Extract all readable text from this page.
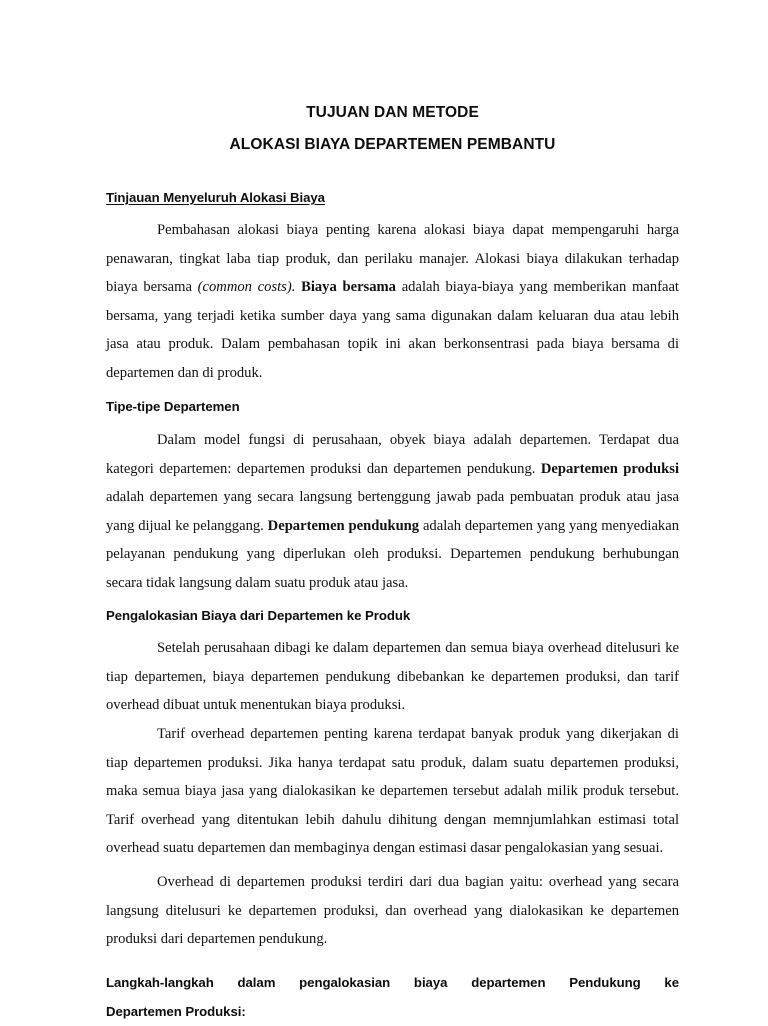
TUJUAN DAN METODE
ALOKASI BIAYA DEPARTEMEN PEMBANTU
Tinjauan Menyeluruh Alokasi Biaya

Pembahasan alokasi biaya penting karena alokasi biaya dapat mempengaruhi harga penawaran, tingkat laba tiap produk, dan perilaku manajer. Alokasi biaya dilakukan terhadap biaya bersama (common costs). Biaya bersama adalah biaya-biaya yang memberikan manfaat bersama, yang terjadi ketika sumber daya yang sama digunakan dalam keluaran dua atau lebih jasa atau produk. Dalam pembahasan topik ini akan berkonsentrasi pada biaya bersama di departemen dan di produk.

Tipe-tipe Departemen

Dalam model fungsi di perusahaan, obyek biaya adalah departemen. Terdapat dua kategori departemen: departemen produksi dan departemen pendukung. Departemen produksi adalah departemen yang secara langsung bertenggung jawab pada pembuatan produk atau jasa yang dijual ke pelanggang. Departemen pendukung adalah departemen yang yang menyediakan pelayanan pendukung yang diperlukan oleh produksi. Departemen pendukung berhubungan secara tidak langsung dalam suatu produk atau jasa.

Pengalokasian Biaya dari Departemen ke Produk

Setelah perusahaan dibagi ke dalam departemen dan semua biaya overhead ditelusuri ke tiap departemen, biaya departemen pendukung dibebankan ke departemen produksi, dan tarif overhead dibuat untuk menentukan biaya produksi.

Tarif overhead departemen penting karena terdapat banyak produk yang dikerjakan di tiap departemen produksi. Jika hanya terdapat satu produk, dalam suatu departemen produksi, maka semua biaya jasa yang dialokasikan ke departemen tersebut adalah milik produk tersebut. Tarif overhead yang ditentukan lebih dahulu dihitung dengan memnjumlahkan estimasi total overhead suatu departemen dan membaginya dengan estimasi dasar pengalokasian yang sesuai.

Overhead di departemen produksi terdiri dari dua bagian yaitu: overhead yang secara langsung ditelusuri ke departemen produksi, dan overhead yang dialokasikan ke departemen produksi dari departemen pendukung.

Langkah-langkah dalam pengalokasian biaya departemen Pendukung ke
Departemen Produksi:
